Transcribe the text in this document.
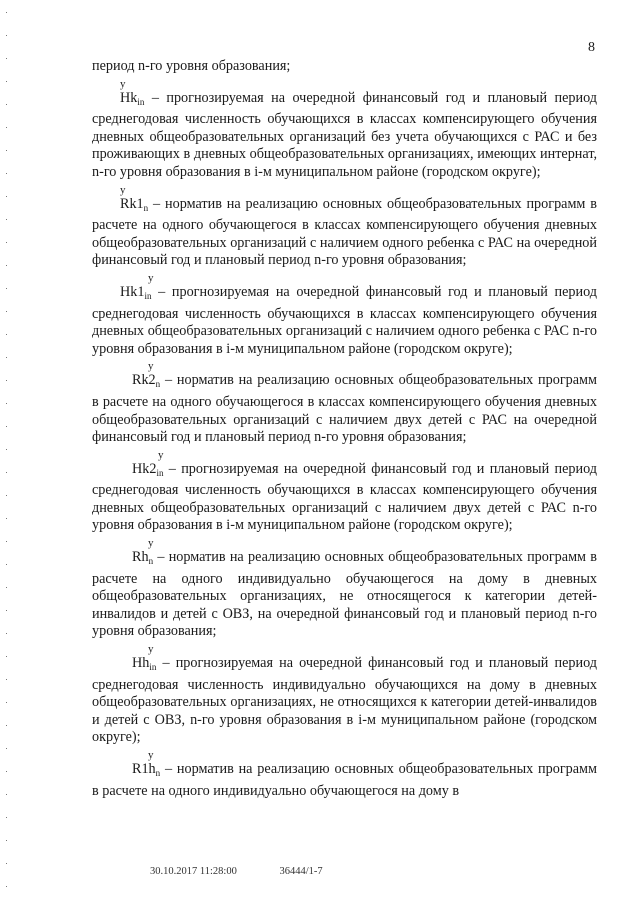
8
период n-го уровня образования;
у
$Hk_{in}$ – прогнозируемая на очередной финансовый год и плановый период среднегодовая численность обучающихся в классах компенсирующего обучения дневных общеобразовательных организаций без учета обучающихся с РАС и без проживающих в дневных общеобразовательных организациях, имеющих интернат, n-го уровня образования в i-м муниципальном районе (городском округе);
у
$Rk1_n$ – норматив на реализацию основных общеобразовательных программ в расчете на одного обучающегося в классах компенсирующего обучения дневных общеобразовательных организаций с наличием одного ребенка с РАС на очередной финансовый год и плановый период n-го уровня образования;
у
$Hk1_{in}$ – прогнозируемая на очередной финансовый год и плановый период среднегодовая численность обучающихся в классах компенсирующего обучения дневных общеобразовательных организаций с наличием одного ребенка с РАС n-го уровня образования в i-м муниципальном районе (городском округе);
у
$Rk2_n$ – норматив на реализацию основных общеобразовательных программ в расчете на одного обучающегося в классах компенсирующего обучения дневных общеобразовательных организаций с наличием двух детей с РАС на очередной финансовый год и плановый период n-го уровня образования;
у
$Hk2_{in}$ – прогнозируемая на очередной финансовый год и плановый период среднегодовая численность обучающихся в классах компенсирующего обучения дневных общеобразовательных организаций с наличием двух детей с РАС n-го уровня образования в i-м муниципальном районе (городском округе);
у
$Rh_n$ – норматив на реализацию основных общеобразовательных программ в расчете на одного индивидуально обучающегося на дому в дневных общеобразовательных организациях, не относящегося к категории детей-инвалидов и детей с ОВЗ, на очередной финансовый год и плановый период n-го уровня образования;
у
$Hh_{in}$ – прогнозируемая на очередной финансовый год и плановый период среднегодовая численность индивидуально обучающихся на дому в дневных общеобразовательных организациях, не относящихся к категории детей-инвалидов и детей с ОВЗ, n-го уровня образования в i-м муниципальном районе (городском округе);
у
$R1h_n$ – норматив на реализацию основных общеобразовательных программ в расчете на одного индивидуально обучающегося на дому в
30.10.2017 11:28:00	36444/1-7
